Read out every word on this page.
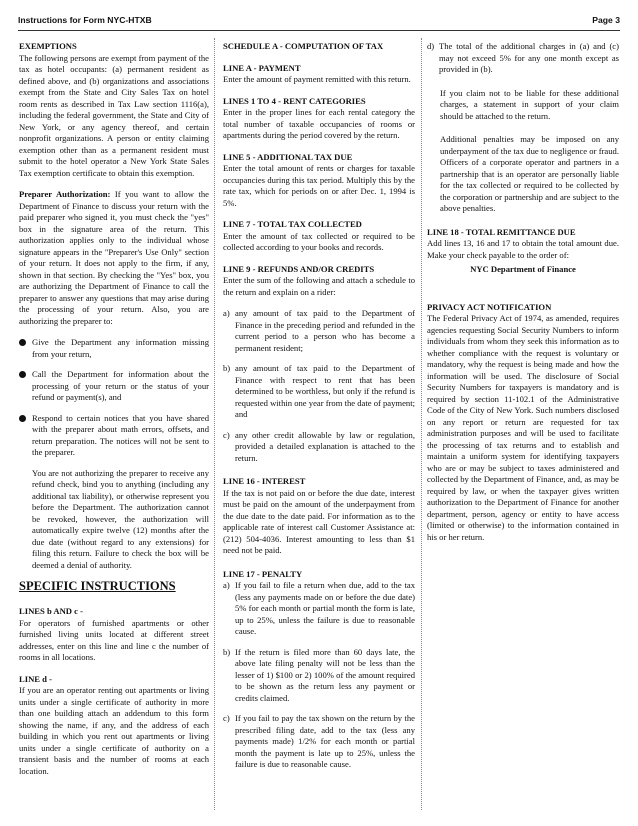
Instructions for Form NYC-HTXB	Page 3
EXEMPTIONS

The following persons are exempt from payment of the tax as hotel occupants: (a) permanent resident as defined above, and (b) organizations and associations exempt from the State and City Sales Tax on hotel room rents as described in Tax Law section 1116(a), including the federal government, the State and City of New York, or any agency thereof, and certain nonprofit organizations. A person or entity claiming exemption other than as a permanent resident must submit to the hotel operator a New York State Sales Tax exemption certificate to obtain this exemption.

Preparer Authorization: If you want to allow the Department of Finance to discuss your return with the paid preparer who signed it, you must check the "yes" box in the signature area of the return. This authorization applies only to the individual whose signature appears in the "Preparer's Use Only" section of your return. It does not apply to the firm, if any, shown in that section. By checking the "Yes" box, you are authorizing the Department of Finance to call the preparer to answer any questions that may arise during the processing of your return. Also, you are authorizing the preparer to:

Give the Department any information missing from your return,
Call the Department for information about the processing of your return or the status of your refund or payment(s), and
Respond to certain notices that you have shared with the preparer about math errors, offsets, and return preparation. The notices will not be sent to the preparer.
You are not authorizing the preparer to receive any refund check, bind you to anything (including any additional tax liability), or otherwise represent you before the Department. The authorization cannot be revoked, however, the authorization will automatically expire twelve (12) months after the due date (without regard to any extensions) for filing this return. Failure to check the box will be deemed a denial of authority.
SPECIFIC INSTRUCTIONS
LINES b AND c -

For operators of furnished apartments or other furnished living units located at different street addresses, enter on this line and line c the number of rooms in all locations.

LINE d -

If you are an operator renting out apartments or living units under a single certificate of authority in more than one building attach an addendum to this form showing the name, if any, and the address of each building in which you rent out apartments or living units under a single certificate of authority on a transient basis and the number of rooms at each location.

SCHEDULE A - COMPUTATION OF TAX
LINE A - PAYMENT

Enter the amount of payment remitted with this return.

LINES 1 TO 4 - RENT CATEGORIES

Enter in the proper lines for each rental category the total number of taxable occupancies of rooms or apartments during the period covered by the return.

LINE 5 - ADDITIONAL TAX DUE

Enter the total amount of rents or charges for taxable occupancies during this tax period. Multiply this by the rate tax, which for periods on or after Dec. 1, 1994 is 5%.

LINE 7 - TOTAL TAX COLLECTED

Enter the amount of tax collected or required to be collected according to your books and records.

LINE 9 - REFUNDS AND/OR CREDITS

Enter the sum of the following and attach a schedule to the return and explain on a rider:

a) any amount of tax paid to the Department of Finance in the preceding period and refunded in the current period to a person who has become a permanent resident;
b) any amount of tax paid to the Department of Finance with respect to rent that has been determined to be worthless, but only if the refund is requested within one year from the date of payment; and
c) any other credit allowable by law or regulation, provided a detailed explanation is attached to the return.
LINE 16 - INTEREST

If the tax is not paid on or before the due date, interest must be paid on the amount of the underpayment from the due date to the date paid. For information as to the applicable rate of interest call Customer Assistance at: (212) 504-4036. Interest amounting to less than $1 need not be paid.

LINE 17 - PENALTY
a) If you fail to file a return when due, add to the tax (less any payments made on or before the due date) 5% for each month or partial month the form is late, up to 25%, unless the failure is due to reasonable cause.
b) If the return is filed more than 60 days late, the above late filing penalty will not be less than the lesser of 1) $100 or 2) 100% of the amount required to be shown as the return less any payment or credits claimed.
c) If you fail to pay the tax shown on the return by the prescribed filing date, add to the tax (less any payments made) 1/2% for each month or partial month the payment is late up to 25%, unless the failure is due to reasonable cause.
d) The total of the additional charges in (a) and (c) may not exceed 5% for any one month except as provided in (b).
If you claim not to be liable for these additional charges, a statement in support of your claim should be attached to the return.
Additional penalties may be imposed on any underpayment of the tax due to negligence or fraud. Officers of a corporate operator and partners in a partnership that is an operator are personally liable for the tax collected or required to be collected by the corporation or partnership and are subject to the above penalties.
LINE 18 - TOTAL REMITTANCE DUE

Add lines 13, 16 and 17 to obtain the total amount due. Make your check payable to the order of:

NYC Department of Finance
PRIVACY ACT NOTIFICATION

The Federal Privacy Act of 1974, as amended, requires agencies requesting Social Security Numbers to inform individuals from whom they seek this information as to whether compliance with the request is voluntary or mandatory, why the request is being made and how the information will be used. The disclosure of Social Security Numbers for taxpayers is mandatory and is required by section 11-102.1 of the Administrative Code of the City of New York. Such numbers disclosed on any report or return are requested for tax administration purposes and will be used to facilitate the processing of tax returns and to establish and maintain a uniform system for identifying taxpayers who are or may be subject to taxes administered and collected by the Department of Finance, and, as may be required by law, or when the taxpayer gives written authorization to the Department of Finance for another department, person, agency or entity to have access (limited or otherwise) to the information contained in his or her return.
